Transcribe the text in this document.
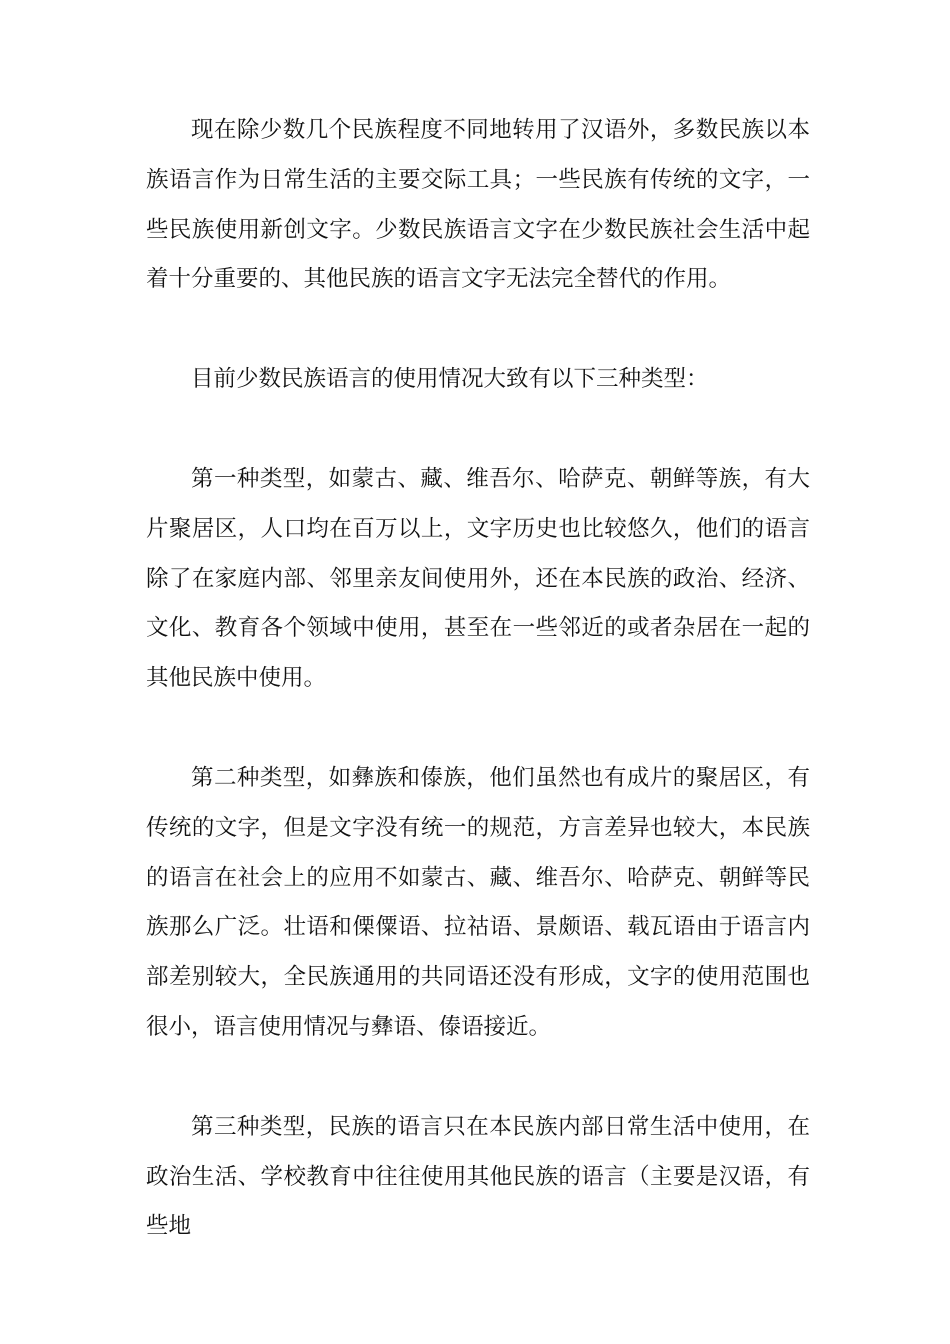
现在除少数几个民族程度不同地转用了汉语外，多数民族以本族语言作为日常生活的主要交际工具；一些民族有传统的文字，一些民族使用新创文字。少数民族语言文字在少数民族社会生活中起着十分重要的、其他民族的语言文字无法完全替代的作用。

目前少数民族语言的使用情况大致有以下三种类型：

第一种类型，如蒙古、藏、维吾尔、哈萨克、朝鲜等族，有大片聚居区，人口均在百万以上，文字历史也比较悠久，他们的语言除了在家庭内部、邻里亲友间使用外，还在本民族的政治、经济、文化、教育各个领域中使用，甚至在一些邻近的或者杂居在一起的其他民族中使用。

第二种类型，如彝族和傣族，他们虽然也有成片的聚居区，有传统的文字，但是文字没有统一的规范，方言差异也较大，本民族的语言在社会上的应用不如蒙古、藏、维吾尔、哈萨克、朝鲜等民族那么广泛。壮语和傈僳语、拉祜语、景颇语、载瓦语由于语言内部差别较大，全民族通用的共同语还没有形成，文字的使用范围也很小，语言使用情况与彝语、傣语接近。

第三种类型，民族的语言只在本民族内部日常生活中使用，在政治生活、学校教育中往往使用其他民族的语言（主要是汉语，有些地
